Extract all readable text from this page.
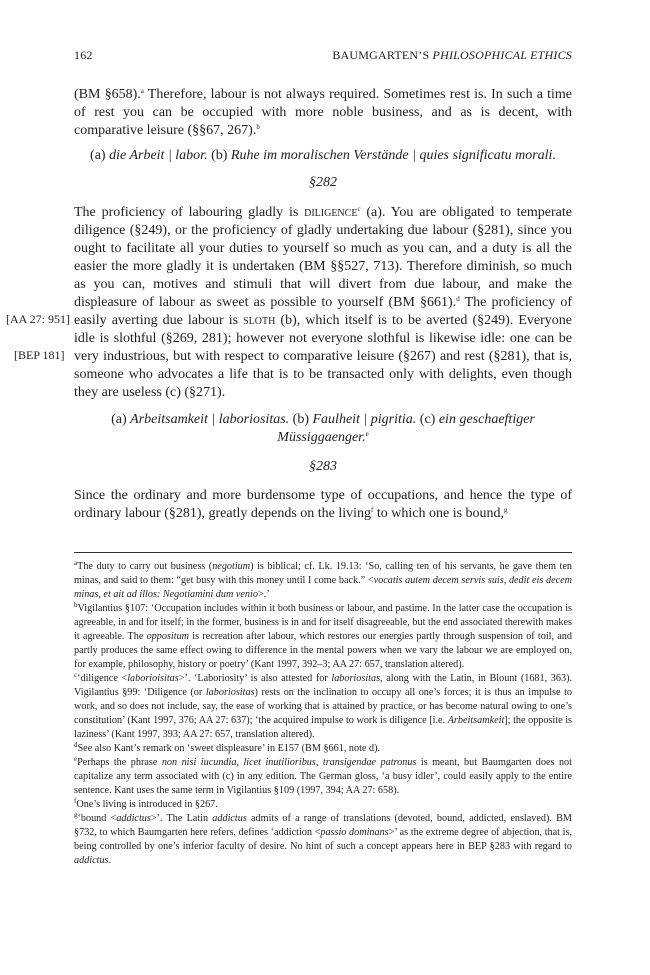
162	BAUMGARTEN’S PHILOSOPHICAL ETHICS
(BM §658).$^a$ Therefore, labour is not always required. Sometimes rest is. In such a time of rest you can be occupied with more noble business, and as is decent, with comparative leisure (§§67, 267).$^b$
(a) die Arbeit | labor. (b) Ruhe im moralischen Verstände | quies significatu morali.
§282
The proficiency of labouring gladly is diligence$^c$ (a). You are obligated to temperate diligence (§249), or the proficiency of gladly undertaking due labour (§281), since you ought to facilitate all your duties to yourself so much as you can, and a duty is all the easier the more gladly it is undertaken (BM §§527, 713). Therefore diminish, so much as you can, motives and stimuli that will divert from due labour, and make the displeasure of labour as sweet as possible to yourself (BM §661).$^d$ The proficiency of easily averting due labour is sloth (b), which itself is to be averted (§249). Everyone idle is slothful (§269, 281); however not everyone slothful is likewise idle: one can be very industrious, but with respect to comparative leisure (§267) and rest (§281), that is, someone who advocates a life that is to be transacted only with delights, even though they are useless (c) (§271).
[AA 27: 951]
[BEP 181]
(a) Arbeitsamkeit | laboriositas. (b) Faulheit | pigritia. (c) ein geschaeftiger Müssiggaenger.$^e$
§283
Since the ordinary and more burdensome type of occupations, and hence the type of ordinary labour (§281), greatly depends on the living$^f$ to which one is bound,$^g$

$^a$The duty to carry out business (negotium) is biblical; cf. Lk. 19.13: ‘So, calling ten of his servants, he gave them ten minas, and said to them: “get busy with this money until I come back.” <vocatis autem decem servis suis, dedit eis decem minas, et ait ad illos: Negotiamini dum venio>.’

$^b$Vigilantius §107: ‘Occupation includes within it both business or labour, and pastime. In the latter case the occupation is agreeable, in and for itself; in the former, business is in and for itself disagreeable, but the end associated therewith makes it agreeable. The oppositum is recreation after labour, which restores our energies partly through suspension of toil, and partly produces the same effect owing to difference in the mental powers when we vary the labour we are employed on, for example, philosophy, history or poetry’ (Kant 1997, 392–3; AA 27: 657, translation altered).

$^c$‘diligence <laborioisitas>’. ‘Laboriosity’ is also attested for laboriositas, along with the Latin, in Blount (1681, 363). Vigilantius §99: ‘Diligence (or laboriositas) rests on the inclination to occupy all one’s forces; it is thus an impulse to work, and so does not include, say, the ease of working that is attained by practice, or has become natural owing to one’s constitution’ (Kant 1997, 376; AA 27: 637); ‘the acquired impulse to work is diligence [i.e. Arbeitsamkeit]; the opposite is laziness’ (Kant 1997, 393; AA 27: 657, translation altered).

$^d$See also Kant’s remark on ‘sweet displeasure’ in E157 (BM §661, note d).

$^e$Perhaps the phrase non nisi iucundia, licet inutilioribus, transigendae patronus is meant, but Baumgarten does not capitalize any term associated with (c) in any edition. The German gloss, ‘a busy idler’, could easily apply to the entire sentence. Kant uses the same term in Vigilantius §109 (1997, 394; AA 27: 658).

$^f$One’s living is introduced in §267.

$^g$‘bound <addictus>’. The Latin addictus admits of a range of translations (devoted, bound, addicted, enslaved). BM §732, to which Baumgarten here refers, defines ‘addiction <passio dominans>’ as the extreme degree of abjection, that is, being controlled by one’s inferior faculty of desire. No hint of such a concept appears here in BEP §283 with regard to addictus.
